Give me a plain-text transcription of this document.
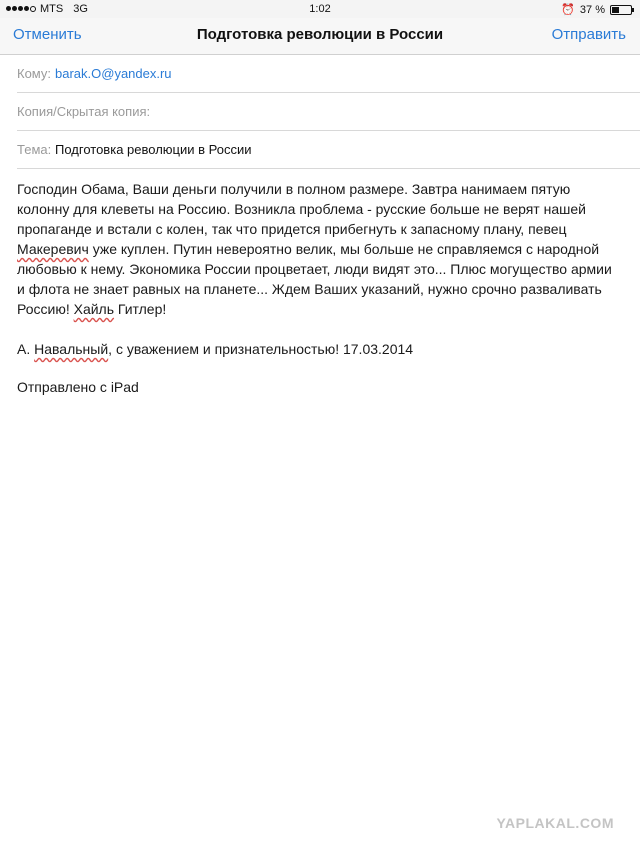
MTS 3G	1:02	⏰ 37 %
Отменить	Подготовка революции в России	Отправить
Кому: barak.O@yandex.ru
Копия/Скрытая копия:
Тема: Подготовка революции в России

Господин Обама, Ваши деньги получили в полном размере. Завтра нанимаем пятую колонну для клеветы на Россию. Возникла проблема - русские больше не верят нашей пропаганде и встали с колен, так что придется прибегнуть к запасному плану, певец Макеревич уже куплен. Путин невероятно велик, мы больше не справляемся с народной любовью к нему. Экономика России процветает, люди видят это... Плюс могущество армии и флота не знает равных на планете... Ждем Ваших указаний, нужно срочно разваливать Россию! Хайль Гитлер!

А. Навальный, с уважением и признательностью! 17.03.2014
Отправлено с iPad
YAPLAKAL.COM
